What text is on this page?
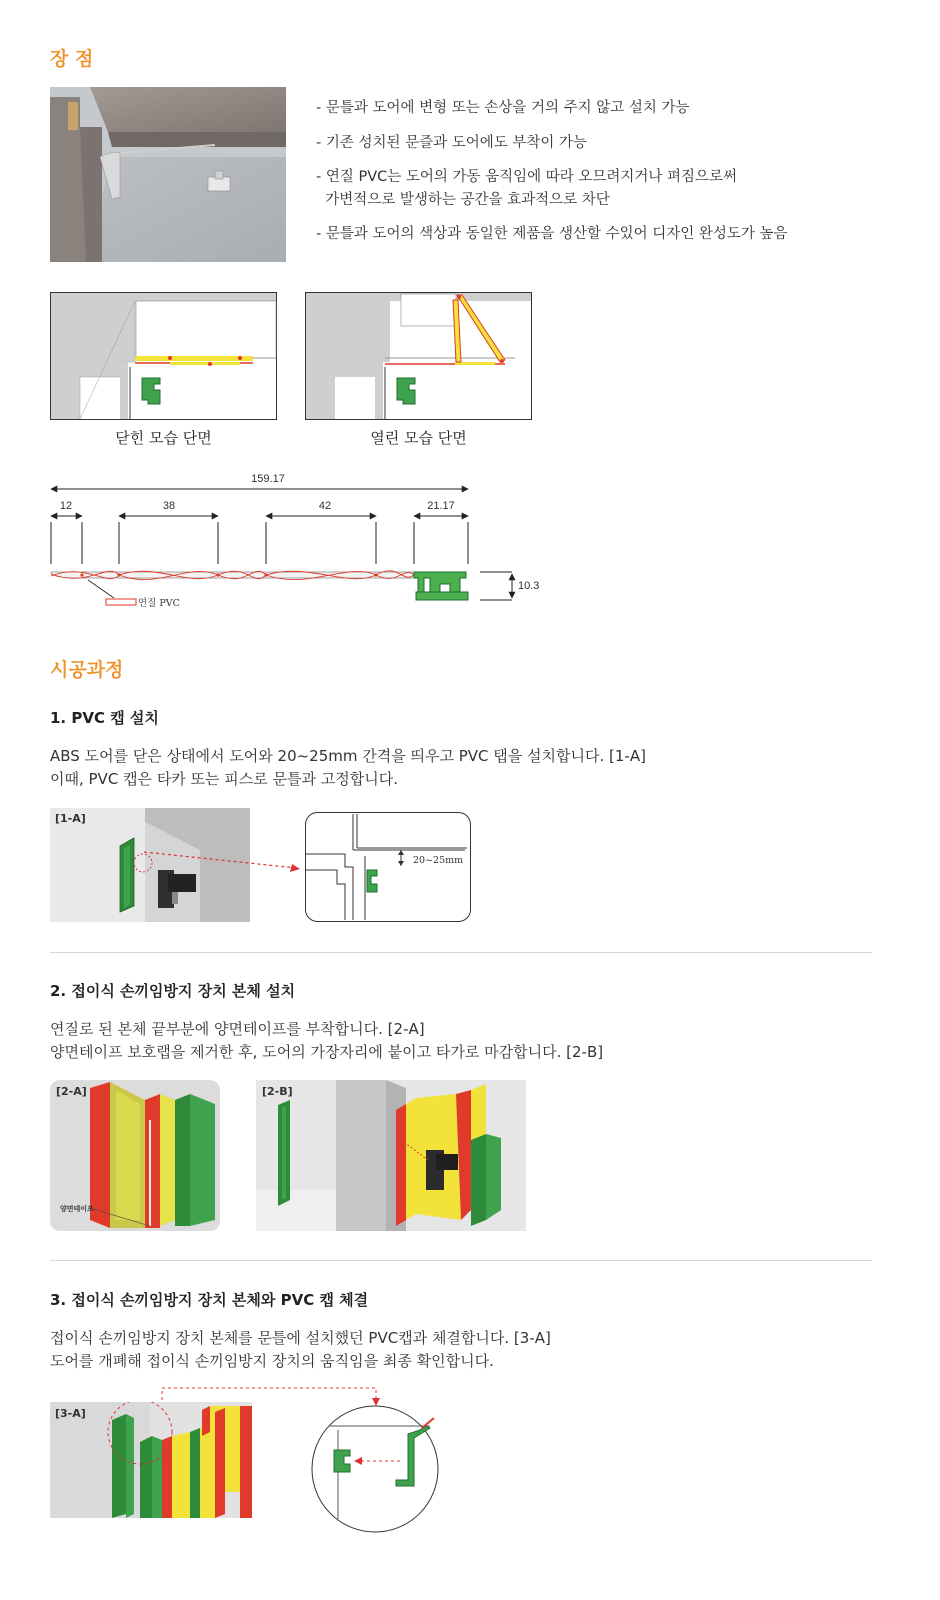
장 점
- 문틀과 도어에 변형 또는 손상을 거의 주지 않고 설치 가능
- 기존 성치된 문즐과 도어에도 부착이 가능
- 연질 PVC는 도어의 가동 움직임에 따라 오므려지거나 펴짐으로써
가변적으로 발생하는 공간을 효과적으로 차단
- 문틀과 도어의 색상과 동일한 제품을 생산할 수있어 디자인 완성도가 높음
닫힌 모습 단면	열린 모습 단면
159.17
12	38	42	21.17
10.3
연질 PVC
시공과정
1. PVC 캡 설치
ABS 도어를 닫은 상태에서 도어와 20~25mm 간격을 띄우고 PVC 탭을 설치합니다. [1-A]
이때, PVC 캡은 타카 또는 피스로 문틀과 고정합니다.
[1-A]
20~25mm
2. 접이식 손끼임방지 장치 본체 설치
연질로 된 본체 끝부분에 양면테이프를 부착합니다. [2-A]
양면테이프 보호랩을 제거한 후, 도어의 가장자리에 붙이고 타가로 마감합니다. [2-B]
[2-A]
양면테이프
[2-B]
3. 접이식 손끼임방지 장치 본체와 PVC 캡 체결
접이식 손끼임방지 장치 본체를 문틀에 설치했던 PVC캡과 체결합니다. [3-A]
도어를 개폐해 접이식 손끼임방지 장치의 움직임을 최종 확인합니다.
[3-A]
